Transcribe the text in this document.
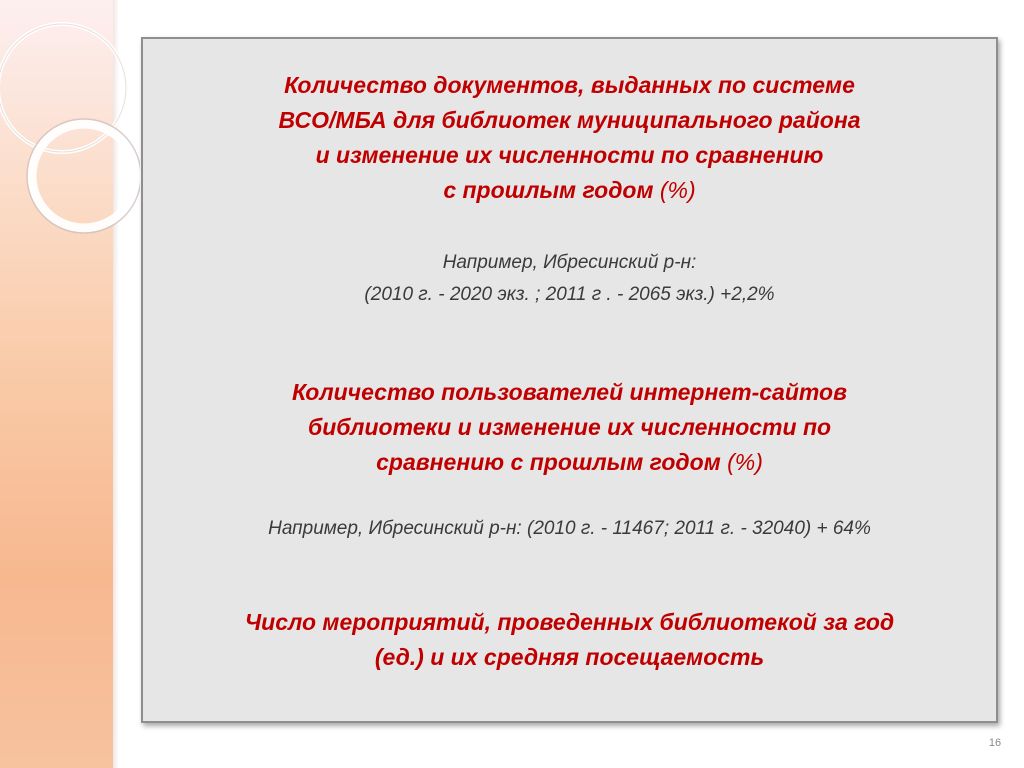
Количество документов, выданных по системе
ВСО/МБА для библиотек муниципального района
и изменение их численности по сравнению
с прошлым годом (%)
Например, Ибресинский р-н:
(2010 г. - 2020 экз. ; 2011 г . - 2065 экз.) +2,2%
Количество пользователей интернет-сайтов
библиотеки и изменение их численности по
сравнению с прошлым годом (%)
Например, Ибресинский р-н: (2010 г. - 11467; 2011 г. - 32040) + 64%
Число мероприятий, проведенных библиотекой за год
(ед.) и их средняя посещаемость
16
